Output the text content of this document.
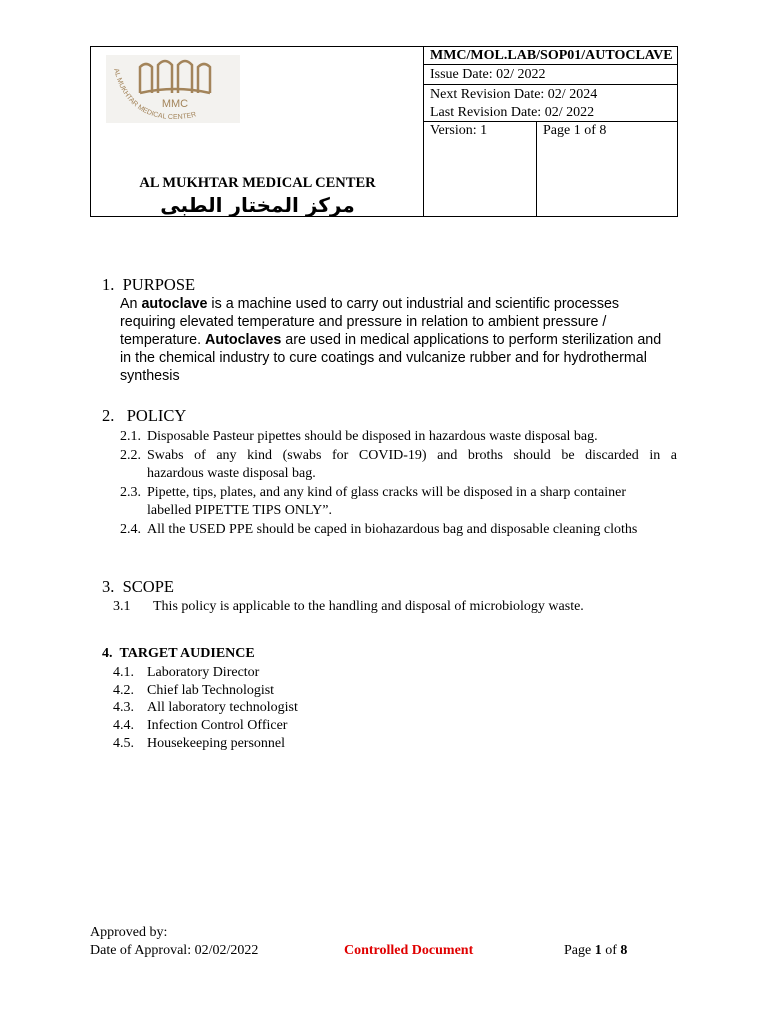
MMC
AL MUKHTAR MEDICAL CENTER
AL MUKHTAR MEDICAL CENTER
مركز المختار الطبى
MMC/MOL.LAB/SOP01/AUTOCLAVE
Issue Date: 02/ 2022
Next Revision Date: 02/ 2024
Last Revision Date: 02/ 2022
Version: 1	Page 1 of 8
1. PURPOSE
An autoclave is a machine used to carry out industrial and scientific processes
requiring elevated temperature and pressure in relation to ambient pressure /
temperature. Autoclaves are used in medical applications to perform sterilization and
in the chemical industry to cure coatings and vulcanize rubber and for hydrothermal
synthesis
2. POLICY
2.1. Disposable Pasteur pipettes should be disposed in hazardous waste disposal bag.
2.2. Swabs of any kind (swabs for COVID-19) and broths should be discarded in a
hazardous waste disposal bag.
2.3. Pipette, tips, plates, and any kind of glass cracks will be disposed in a sharp container
labelled PIPETTE TIPS ONLY”.
2.4. All the USED PPE should be caped in biohazardous bag and disposable cleaning cloths
3. SCOPE
3.1 This policy is applicable to the handling and disposal of microbiology waste.
4. TARGET AUDIENCE
4.1. Laboratory Director
4.2. Chief lab Technologist
4.3. All laboratory technologist
4.4. Infection Control Officer
4.5. Housekeeping personnel
Approved by:
Date of Approval: 02/02/2022	Controlled Document	Page 1 of 8
